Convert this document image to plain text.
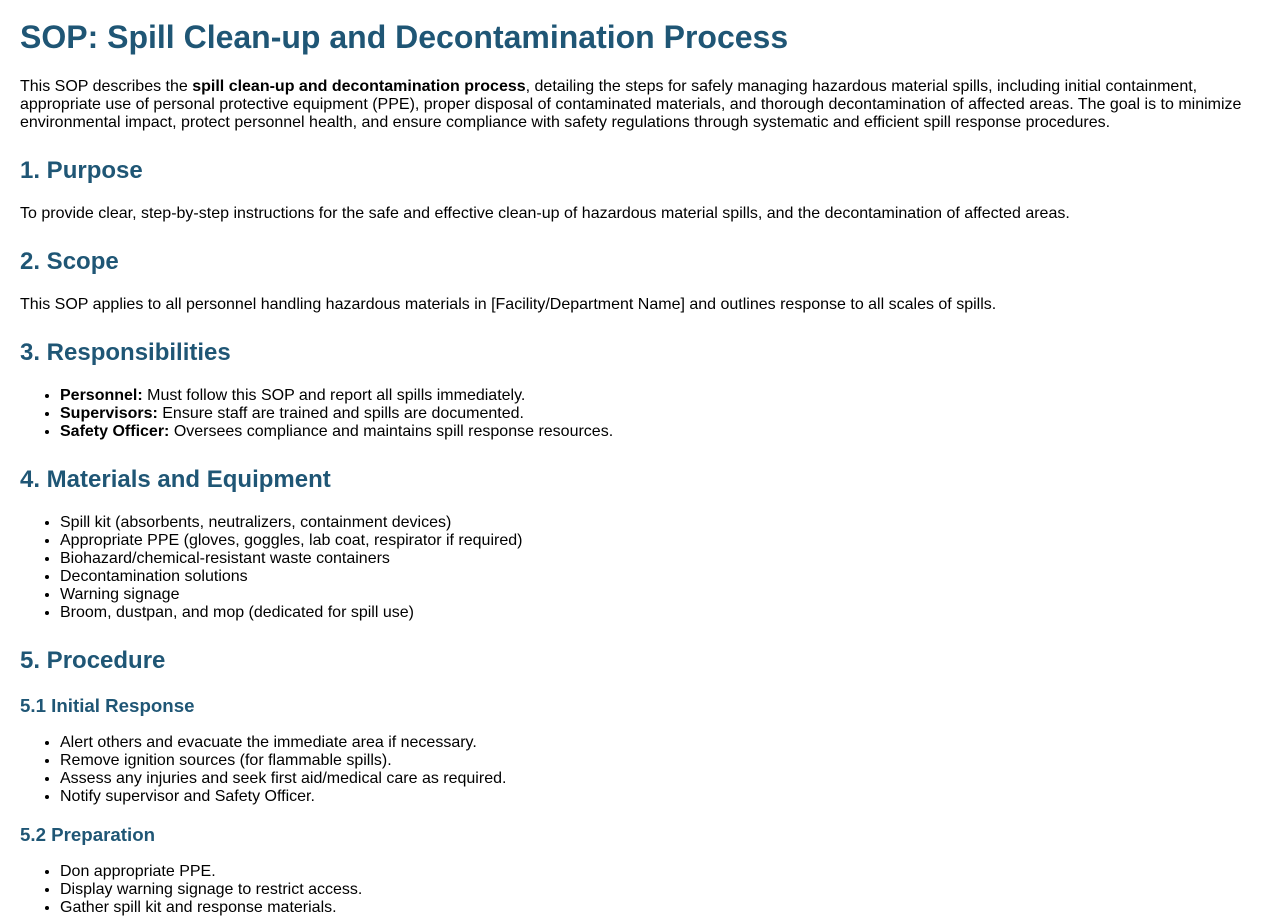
SOP: Spill Clean-up and Decontamination Process

This SOP describes the spill clean-up and decontamination process, detailing the steps for safely managing hazardous material spills, including initial containment, appropriate use of personal protective equipment (PPE), proper disposal of contaminated materials, and thorough decontamination of affected areas. The goal is to minimize environmental impact, protect personnel health, and ensure compliance with safety regulations through systematic and efficient spill response procedures.

1. Purpose

To provide clear, step-by-step instructions for the safe and effective clean-up of hazardous material spills, and the decontamination of affected areas.

2. Scope

This SOP applies to all personnel handling hazardous materials in [Facility/Department Name] and outlines response to all scales of spills.

3. Responsibilities
• Personnel: Must follow this SOP and report all spills immediately.
• Supervisors: Ensure staff are trained and spills are documented.
• Safety Officer: Oversees compliance and maintains spill response resources.
4. Materials and Equipment
• Spill kit (absorbents, neutralizers, containment devices)
• Appropriate PPE (gloves, goggles, lab coat, respirator if required)
• Biohazard/chemical-resistant waste containers
• Decontamination solutions
• Warning signage
• Broom, dustpan, and mop (dedicated for spill use)
5. Procedure
5.1 Initial Response
• Alert others and evacuate the immediate area if necessary.
• Remove ignition sources (for flammable spills).
• Assess any injuries and seek first aid/medical care as required.
• Notify supervisor and Safety Officer.
5.2 Preparation
• Don appropriate PPE.
• Display warning signage to restrict access.
• Gather spill kit and response materials.
